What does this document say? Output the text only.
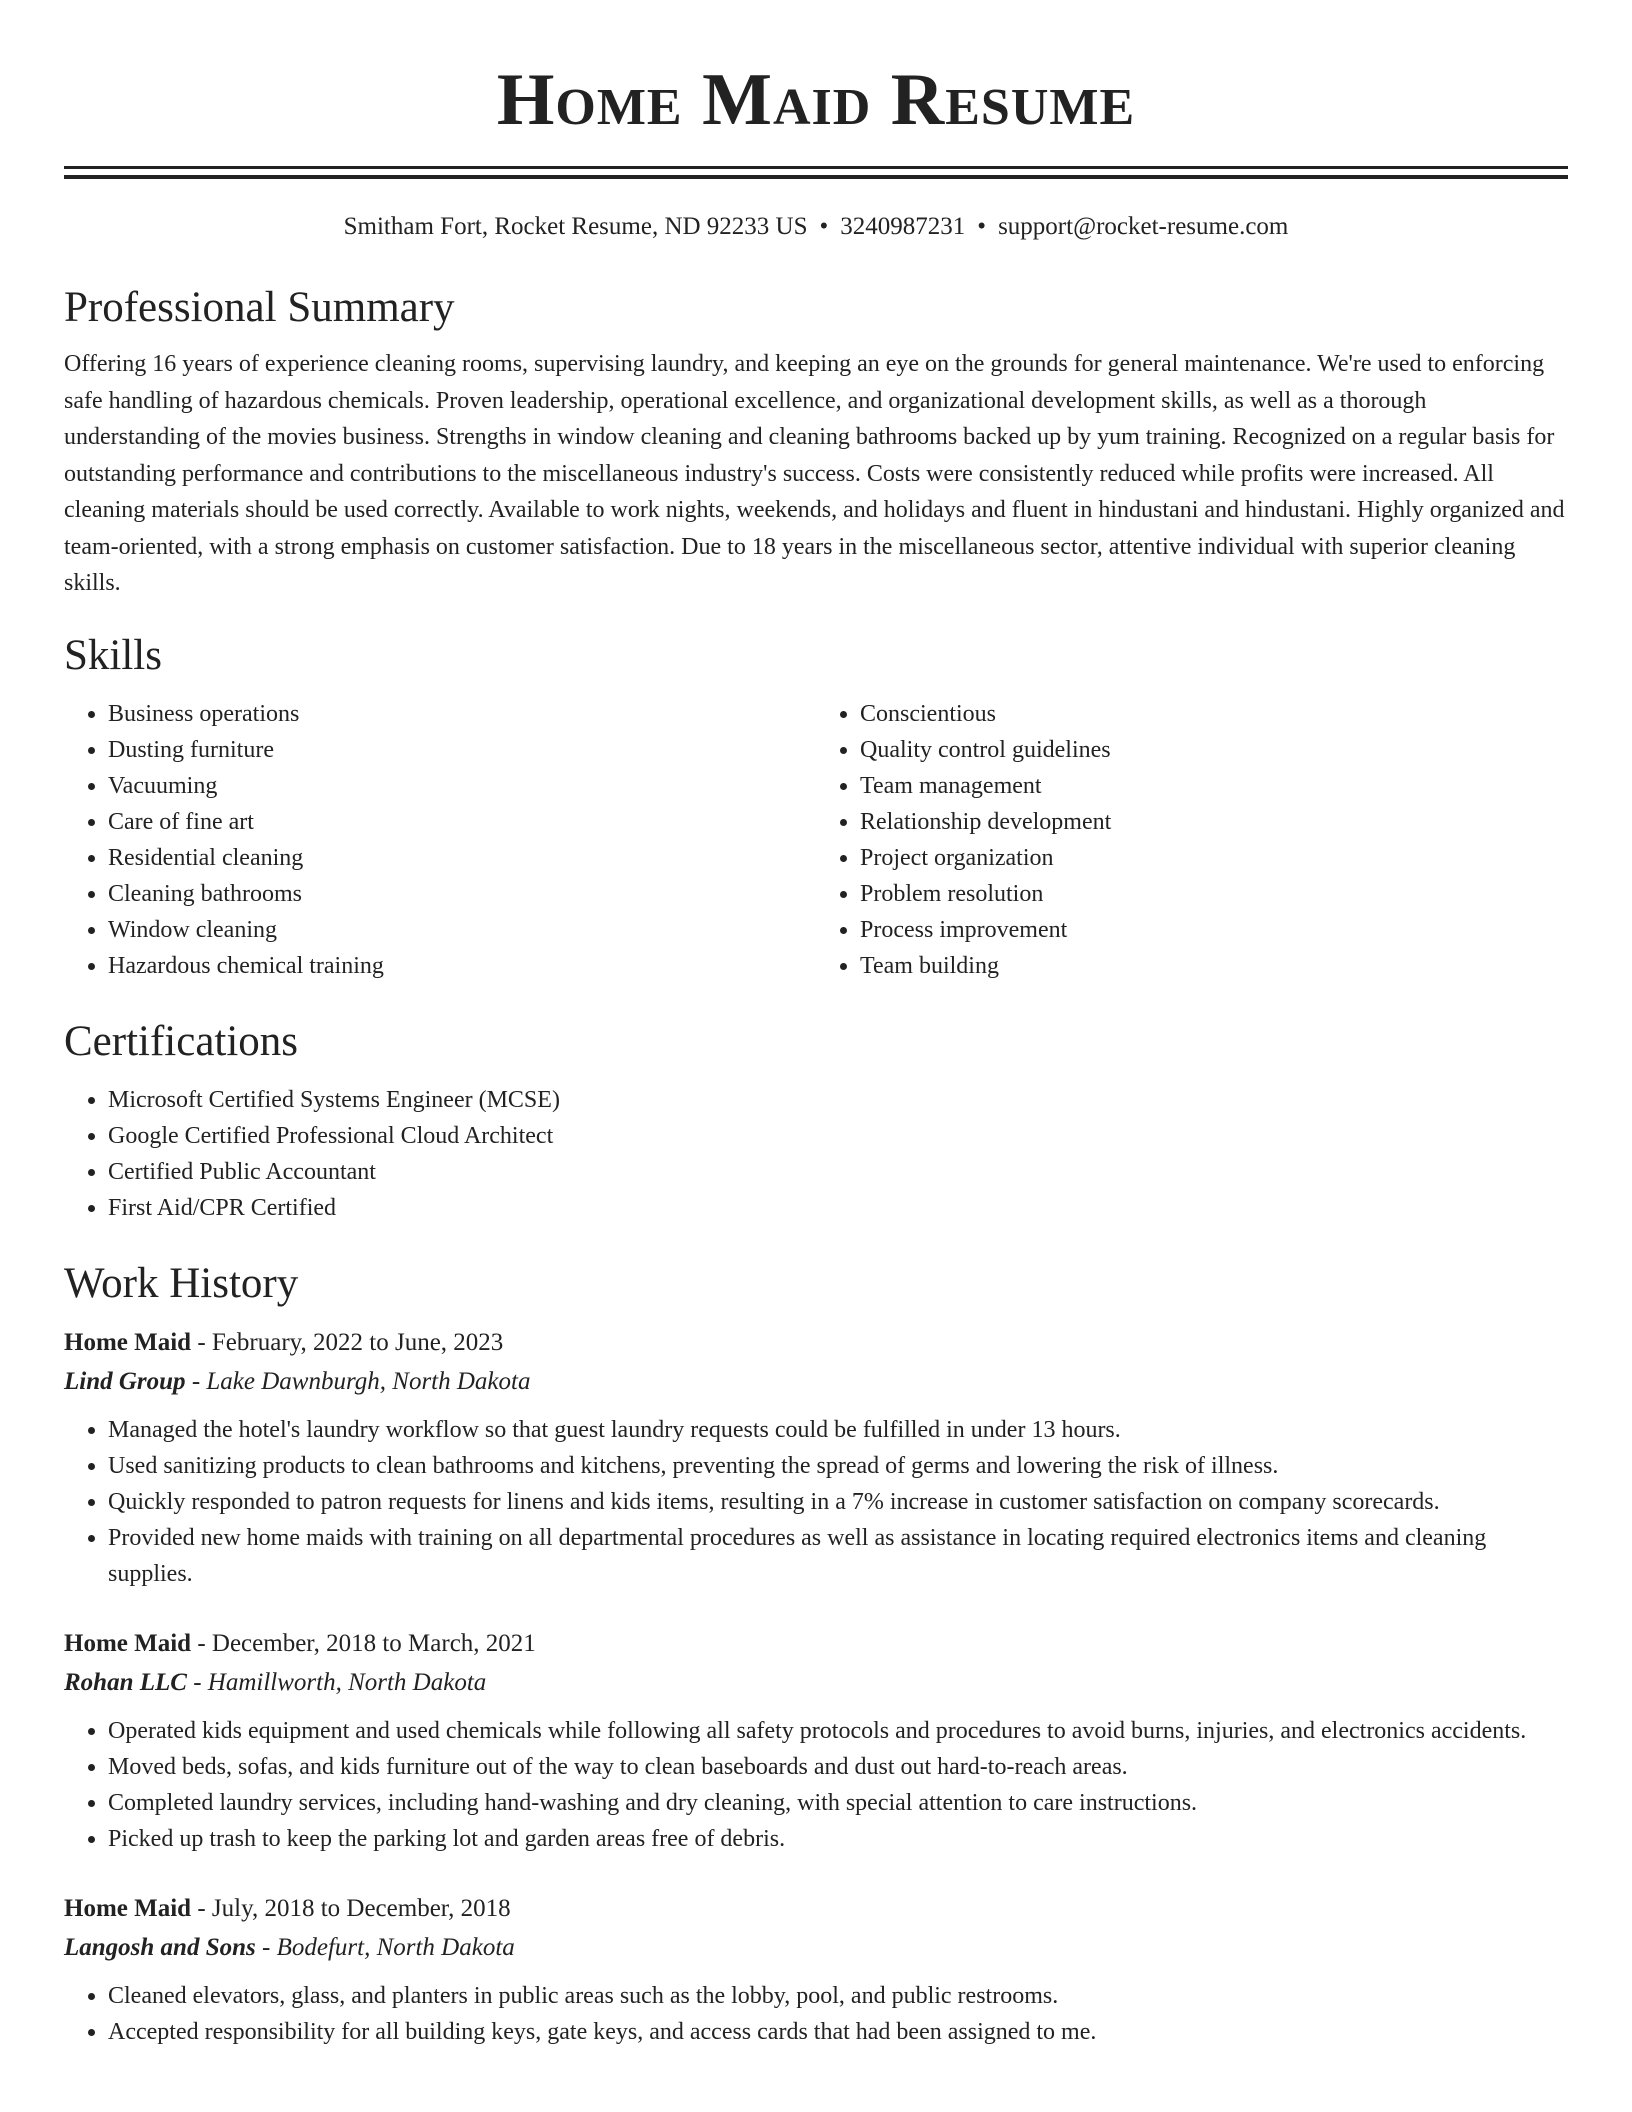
Home Maid Resume
Smitham Fort, Rocket Resume, ND 92233 US • 3240987231 • support@rocket-resume.com
Professional Summary

Offering 16 years of experience cleaning rooms, supervising laundry, and keeping an eye on the grounds for general maintenance. We're used to enforcing safe handling of hazardous chemicals. Proven leadership, operational excellence, and organizational development skills, as well as a thorough understanding of the movies business. Strengths in window cleaning and cleaning bathrooms backed up by yum training. Recognized on a regular basis for outstanding performance and contributions to the miscellaneous industry's success. Costs were consistently reduced while profits were increased. All cleaning materials should be used correctly. Available to work nights, weekends, and holidays and fluent in hindustani and hindustani. Highly organized and team-oriented, with a strong emphasis on customer satisfaction. Due to 18 years in the miscellaneous sector, attentive individual with superior cleaning skills.

Skills
• Business operations
• Dusting furniture
• Vacuuming
• Care of fine art
• Residential cleaning
• Cleaning bathrooms
• Window cleaning
• Hazardous chemical training
• Conscientious
• Quality control guidelines
• Team management
• Relationship development
• Project organization
• Problem resolution
• Process improvement
• Team building
Certifications
• Microsoft Certified Systems Engineer (MCSE)
• Google Certified Professional Cloud Architect
• Certified Public Accountant
• First Aid/CPR Certified
Work History
Home Maid - February, 2022 to June, 2023
Lind Group - Lake Dawnburgh, North Dakota
• Managed the hotel's laundry workflow so that guest laundry requests could be fulfilled in under 13 hours.
• Used sanitizing products to clean bathrooms and kitchens, preventing the spread of germs and lowering the risk of illness.
• Quickly responded to patron requests for linens and kids items, resulting in a 7% increase in customer satisfaction on company scorecards.
• Provided new home maids with training on all departmental procedures as well as assistance in locating required electronics items and cleaning supplies.
Home Maid - December, 2018 to March, 2021
Rohan LLC - Hamillworth, North Dakota
• Operated kids equipment and used chemicals while following all safety protocols and procedures to avoid burns, injuries, and electronics accidents.
• Moved beds, sofas, and kids furniture out of the way to clean baseboards and dust out hard-to-reach areas.
• Completed laundry services, including hand-washing and dry cleaning, with special attention to care instructions.
• Picked up trash to keep the parking lot and garden areas free of debris.
Home Maid - July, 2018 to December, 2018
Langosh and Sons - Bodefurt, North Dakota
• Cleaned elevators, glass, and planters in public areas such as the lobby, pool, and public restrooms.
• Accepted responsibility for all building keys, gate keys, and access cards that had been assigned to me.
